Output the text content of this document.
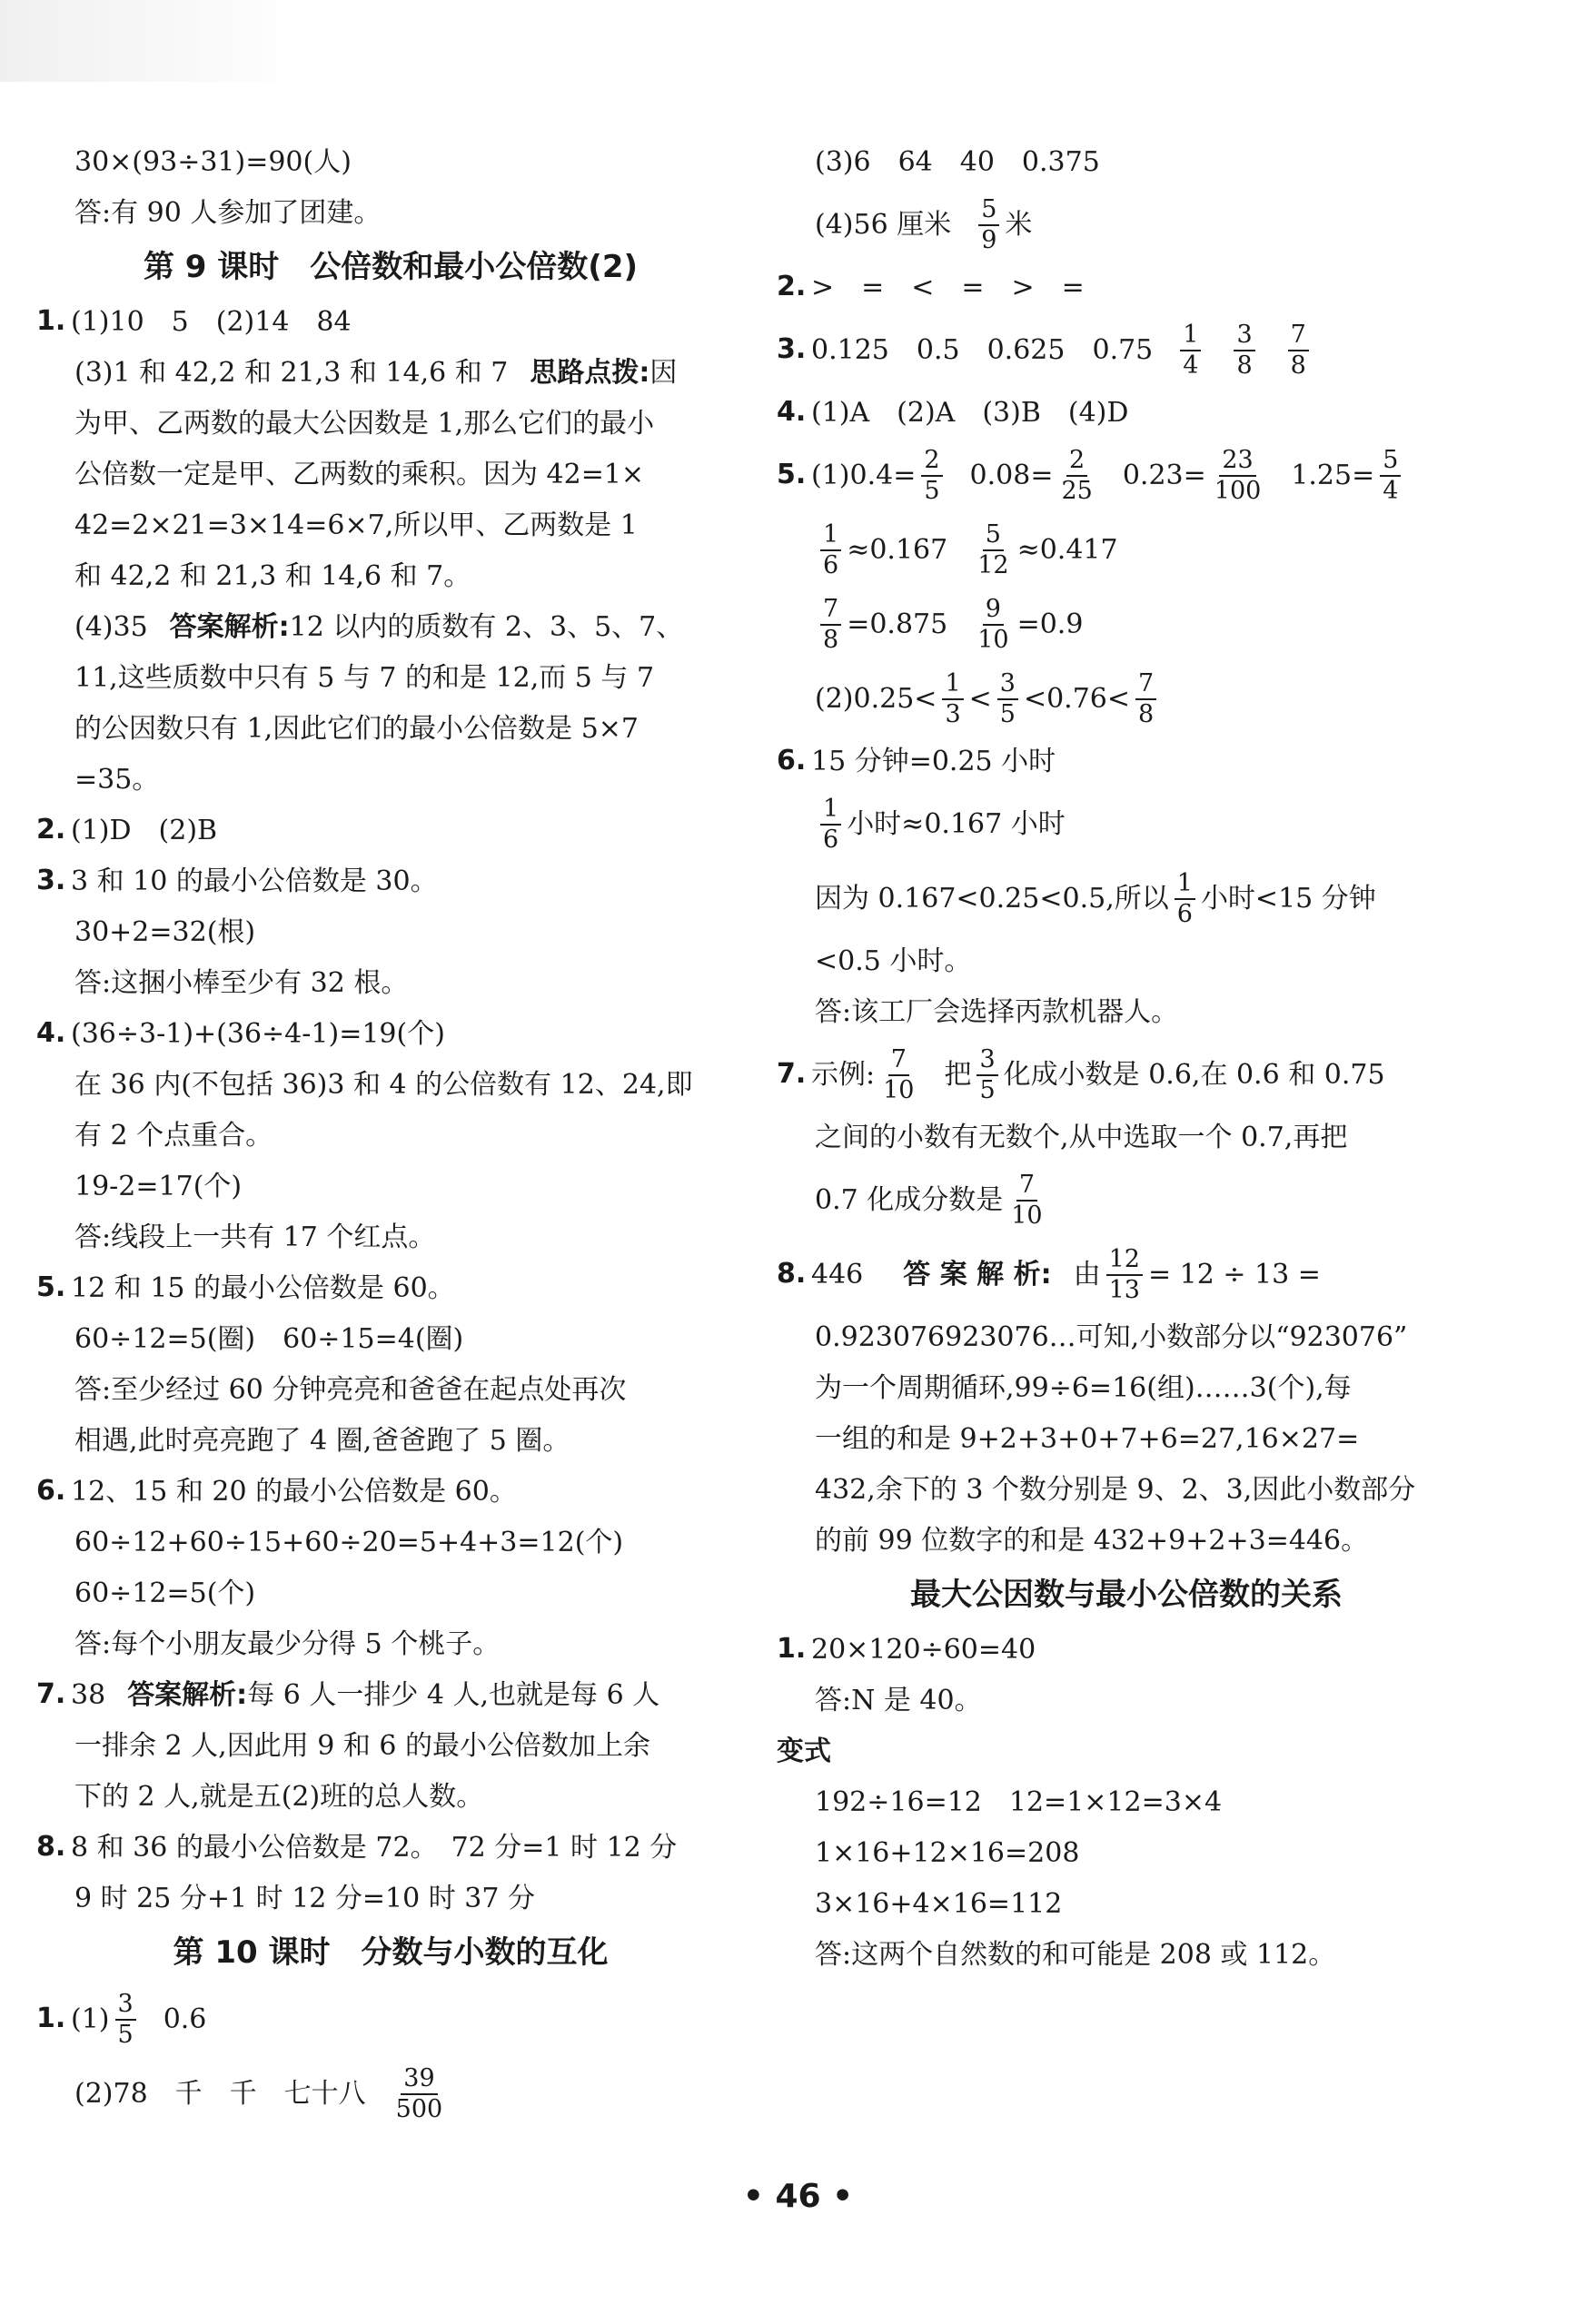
30×(93÷31)=90(人)
答:有 90 人参加了团建。
第 9 课时　公倍数和最小公倍数(2)
1. (1)10　5　(2)14　84
(3)1 和 42,2 和 21,3 和 14,6 和 7 思路点拨:因
为甲、乙两数的最大公因数是 1,那么它们的最小
公倍数一定是甲、乙两数的乘积。因为 42=1×
42=2×21=3×14=6×7,所以甲、乙两数是 1
和 42,2 和 21,3 和 14,6 和 7。
(4)35 答案解析:12 以内的质数有 2、3、5、7、
11,这些质数中只有 5 与 7 的和是 12,而 5 与 7
的公因数只有 1,因此它们的最小公倍数是 5×7
=35。
2. (1)D　(2)B
3. 3 和 10 的最小公倍数是 30。
30+2=32(根)
答:这捆小棒至少有 32 根。
4. (36÷3-1)+(36÷4-1)=19(个)
在 36 内(不包括 36)3 和 4 的公倍数有 12、24,即
有 2 个点重合。
19-2=17(个)
答:线段上一共有 17 个红点。
5. 12 和 15 的最小公倍数是 60。
60÷12=5(圈)　60÷15=4(圈)
答:至少经过 60 分钟亮亮和爸爸在起点处再次
相遇,此时亮亮跑了 4 圈,爸爸跑了 5 圈。
6. 12、15 和 20 的最小公倍数是 60。
60÷12+60÷15+60÷20=5+4+3=12(个)
60÷12=5(个)
答:每个小朋友最少分得 5 个桃子。
7. 38 答案解析:每 6 人一排少 4 人,也就是每 6 人
一排余 2 人,因此用 9 和 6 的最小公倍数加上余
下的 2 人,就是五(2)班的总人数。
8. 8 和 36 的最小公倍数是 72。　72 分=1 时 12 分
9 时 25 分+1 时 12 分=10 时 37 分
第 10 课时　分数与小数的互化
1. $(1) \frac{3}{5} 0.6$
(2)78　千　千　七十八 $\frac{39}{500}$
(3)6　64　40　0.375
(4)56 厘米 $\frac{5}{9}$ 米
2. >　=　<　=　>　=
3. 0.125　0.5　0.625　$0.75 \frac{1}{4} \frac{3}{8} \frac{7}{8}$
4. (1)A　(2)A　(3)B　(4)D
5. $(1)0.4= \frac{2}{5} 0.08= \frac{2}{25} 0.23= \frac{23}{100} 1.25= \frac{5}{4}$
$\frac{1}{6} \approx 0.167 \frac{5}{12} \approx 0.417$
$\frac{7}{8} =0.875 \frac{9}{10} =0.9$
$(2)0.25< \frac{1}{3} < \frac{3}{5} <0.76< \frac{7}{8}$
6. 15 分钟=0.25 小时
$\frac{1}{6}$ 小时≈0.167 小时
因为 0.167<0.25<0.5,所以 $\frac{1}{6}$ 小时<15 分钟
<0.5 小时。
答:该工厂会选择丙款机器人。
7. 示例: $\frac{7}{10}$ 把 $\frac{3}{5}$ 化成小数是 0.6,在 0.6 和 0.75
之间的小数有无数个,从中选取一个 0.7,再把
0.7 化成分数是 $\frac{7}{10}$
8. 446 答 案 解 析: 由 $\frac{12}{13} = 12 \div 13$ =
0.923076923076…可知,小数部分以“923076”
为一个周期循环,99÷6=16(组)……3(个),每
一组的和是 9+2+3+0+7+6=27,16×27=
432,余下的 3 个数分别是 9、2、3,因此小数部分
的前 99 位数字的和是 432+9+2+3=446。
最大公因数与最小公倍数的关系
1. 20×120÷60=40
答:N 是 40。
变式
192÷16=12　12=1×12=3×4
1×16+12×16=208
3×16+4×16=112
答:这两个自然数的和可能是 208 或 112。
• 46 •
